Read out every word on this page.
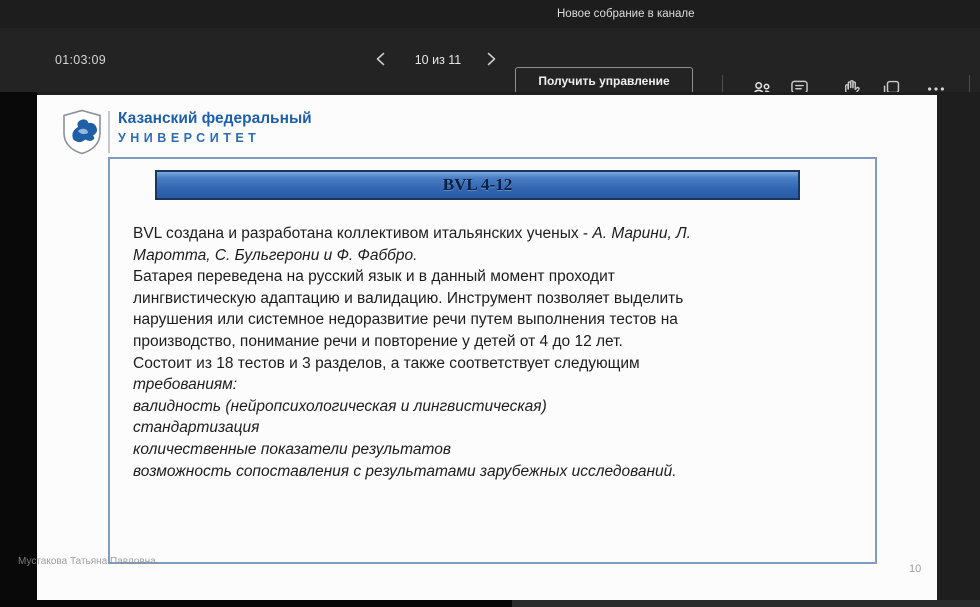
Новое собрание в канале
01:03:09	10 из 11
Получить управление
Казанский федеральный
УНИВЕРСИТЕТ
BVL 4-12
BVL создана и разработана коллективом итальянских ученых - А. Марини, Л.
Маротта, С. Бульгерони и Ф. Фаббро.
Батарея переведена на русский язык и в данный момент проходит
лингвистическую адаптацию и валидацию. Инструмент позволяет выделить
нарушения или системное недоразвитие речи путем выполнения тестов на
производство, понимание речи и повторение у детей от 4 до 12 лет.
Состоит из 18 тестов и 3 разделов, а также соответствует следующим
требованиям:
валидность (нейропсихологическая и лингвистическая)
стандартизация
количественные показатели результатов
возможность сопоставления с результатами зарубежных исследований.
10
Мустакова Татьяна Павловна
